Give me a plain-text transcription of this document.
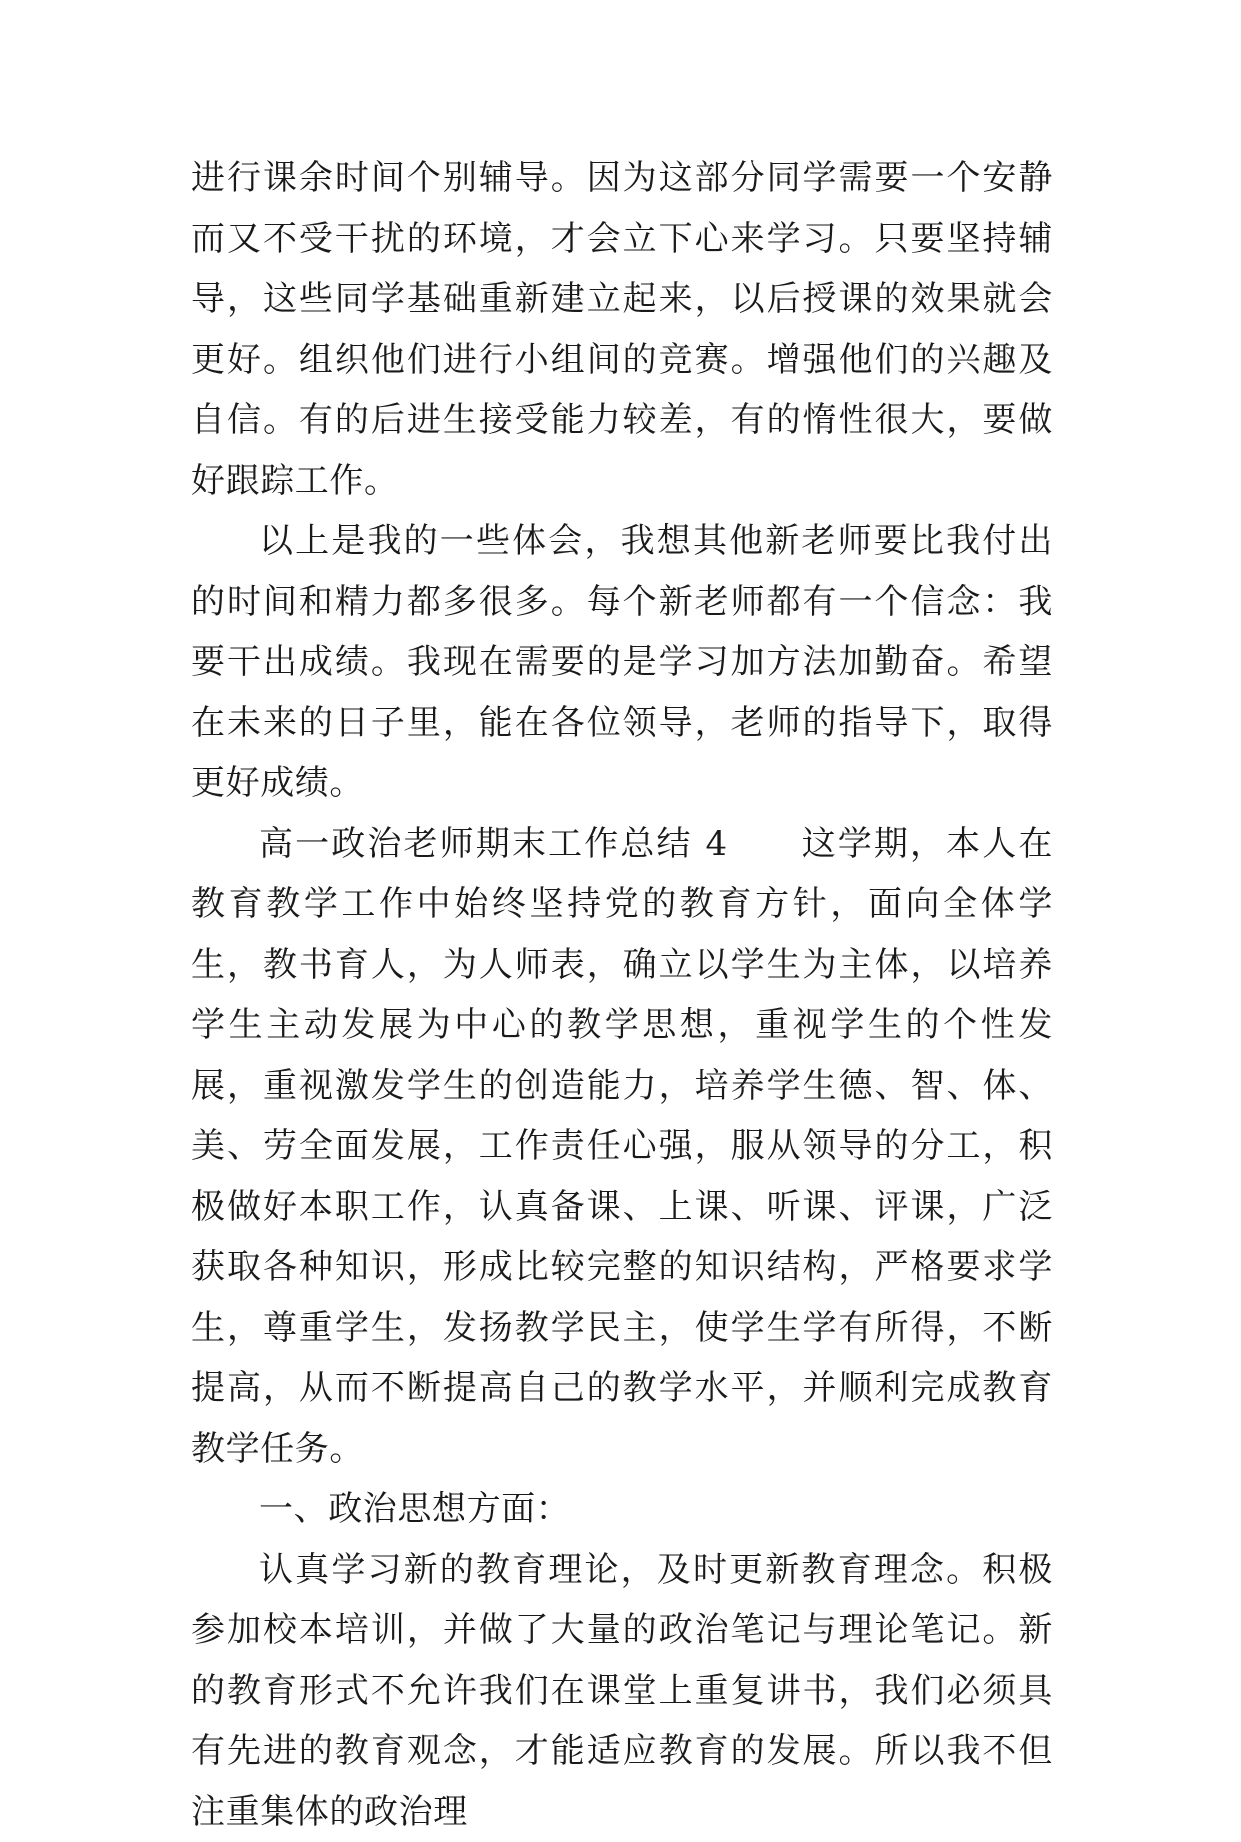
进行课余时间个别辅导。因为这部分同学需要一个安静而又不受干扰的环境，才会立下心来学习。只要坚持辅导，这些同学基础重新建立起来，以后授课的效果就会更好。组织他们进行小组间的竞赛。增强他们的兴趣及自信。有的后进生接受能力较差，有的惰性很大，要做好跟踪工作。

以上是我的一些体会，我想其他新老师要比我付出的时间和精力都多很多。每个新老师都有一个信念：我要干出成绩。我现在需要的是学习加方法加勤奋。希望在未来的日子里，能在各位领导，老师的指导下，取得更好成绩。

高一政治老师期末工作总结 4　　这学期，本人在教育教学工作中始终坚持党的教育方针，面向全体学生，教书育人，为人师表，确立以学生为主体，以培养学生主动发展为中心的教学思想，重视学生的个性发展，重视激发学生的创造能力，培养学生德、智、体、美、劳全面发展，工作责任心强，服从领导的分工，积极做好本职工作，认真备课、上课、听课、评课，广泛获取各种知识，形成比较完整的知识结构，严格要求学生，尊重学生，发扬教学民主，使学生学有所得，不断提高，从而不断提高自己的教学水平，并顺利完成教育教学任务。

一、政治思想方面：

认真学习新的教育理论，及时更新教育理念。积极参加校本培训，并做了大量的政治笔记与理论笔记。新的教育形式不允许我们在课堂上重复讲书，我们必须具有先进的教育观念，才能适应教育的发展。所以我不但注重集体的政治理
